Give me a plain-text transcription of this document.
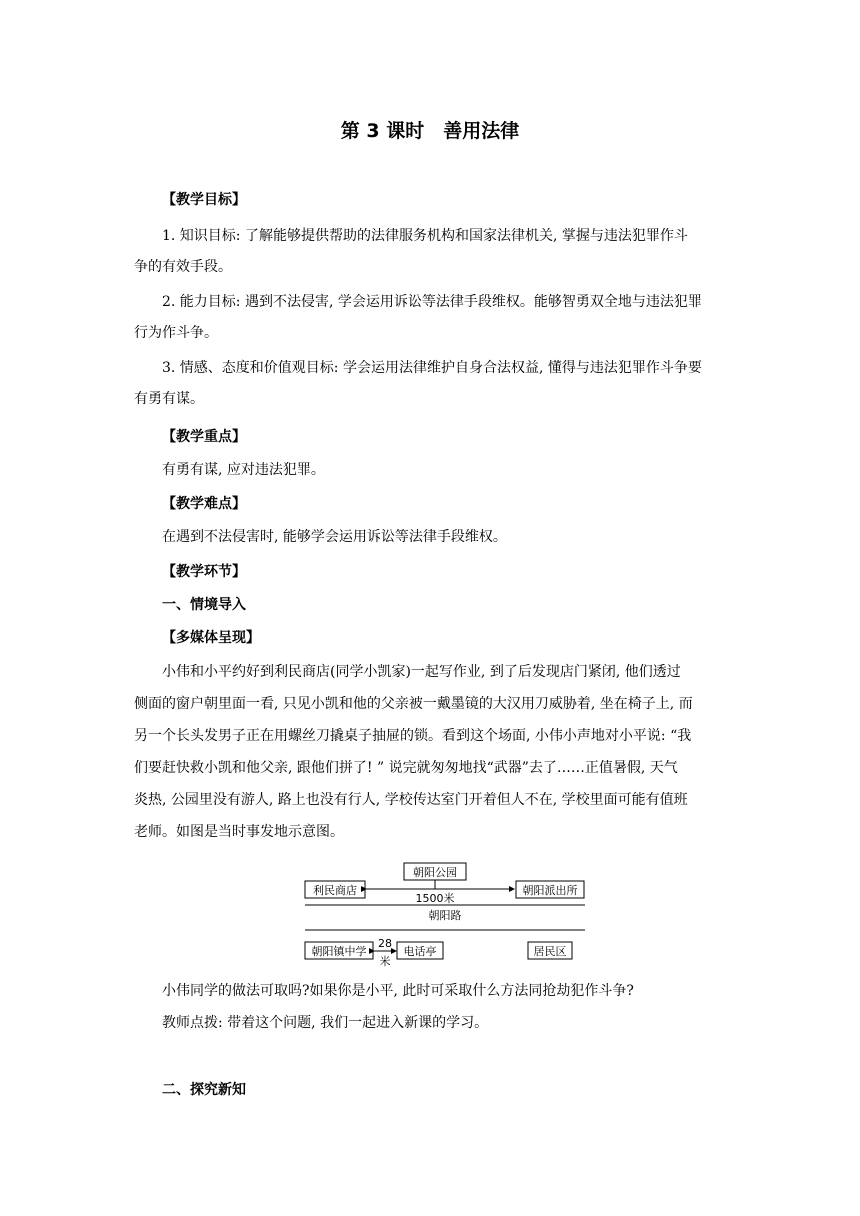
第 3 课时　善用法律
【教学目标】
1. 知识目标: 了解能够提供帮助的法律服务机构和国家法律机关, 掌握与违法犯罪作斗
争的有效手段。
2. 能力目标: 遇到不法侵害, 学会运用诉讼等法律手段维权。能够智勇双全地与违法犯罪
行为作斗争。
3. 情感、态度和价值观目标: 学会运用法律维护自身合法权益, 懂得与违法犯罪作斗争要
有勇有谋。
【教学重点】
有勇有谋, 应对违法犯罪。
【教学难点】
在遇到不法侵害时, 能够学会运用诉讼等法律手段维权。
【教学环节】
一、情境导入
【多媒体呈现】
小伟和小平约好到利民商店(同学小凯家)一起写作业, 到了后发现店门紧闭, 他们透过
侧面的窗户朝里面一看, 只见小凯和他的父亲被一戴墨镜的大汉用刀威胁着, 坐在椅子上, 而
另一个长头发男子正在用螺丝刀撬桌子抽屉的锁。看到这个场面, 小伟小声地对小平说: “我
们要赶快救小凯和他父亲, 跟他们拼了! ” 说完就匆匆地找“武器”去了……正值暑假, 天气
炎热, 公园里没有游人, 路上也没有行人, 学校传达室门开着但人不在, 学校里面可能有值班
老师。如图是当时事发地示意图。
朝阳公园
利民商店	朝阳派出所
1500米
朝阳路
朝阳镇中学
28
米
电话亭	居民区
小伟同学的做法可取吗?如果你是小平, 此时可采取什么方法同抢劫犯作斗争?
教师点拨: 带着这个问题, 我们一起进入新课的学习。
二、探究新知
